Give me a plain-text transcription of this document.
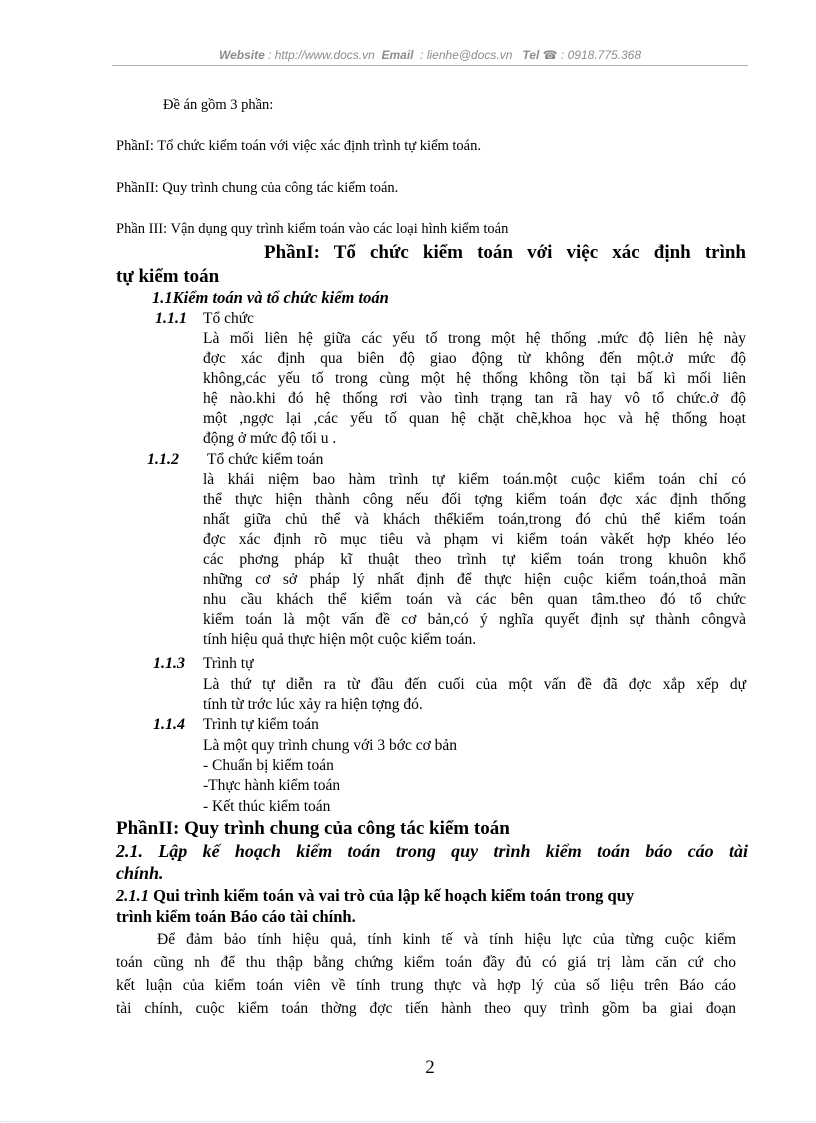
Website : http://www.docs.vn Email : lienhe@docs.vn Tel ☎ : 0918.775.368
Đề án gồm 3 phần:
PhầnI: Tổ chức kiểm toán với việc xác định trình tự kiểm toán.
PhầnII: Quy trình chung của công tác kiểm toán.
Phần III: Vận dụng quy trình kiểm toán vào các loại hình kiểm toán
PhầnI: Tổ chức kiểm toán với việc xác định trình
tự kiểm toán
1.1Kiểm toán và tổ chức kiểm toán
1.1.1 Tổ chức
Là mối liên hệ giữa các yếu tố trong một hệ thống .mức độ liên hệ này
đợc xác định qua biên độ giao động từ không đến một.ở mức độ
không,các yếu tố trong cùng một hệ thống không tồn tại bấ kì mối liên
hệ nào.khi đó hệ thống rơi vào tình trạng tan rã hay vô tổ chức.ở độ
một ,ngợc lại ,các yếu tố quan hệ chặt chẽ,khoa học và hệ thống hoạt
động ở mức độ tối u .
1.1.2 Tổ chức kiểm toán
là khái niệm bao hàm trình tự kiểm toán.một cuộc kiểm toán chỉ có
thể thực hiện thành công nếu đối tợng kiểm toán đợc xác định thống
nhất giữa chủ thể và khách thểkiểm toán,trong đó chủ thể kiểm toán
đợc xác định rõ mục tiêu và phạm vi kiểm toán vàkết hợp khéo léo
các phơng pháp kĩ thuật theo trình tự kiểm toán trong khuôn khổ
những cơ sở pháp lý nhất định để thực hiện cuộc kiểm toán,thoả mãn
nhu cầu khách thể kiểm toán và các bên quan tâm.theo đó tổ chức
kiểm toán là một vấn đề cơ bản,có ý nghĩa quyết định sự thành côngvà
tính hiệu quả thực hiện một cuộc kiểm toán.
1.1.3 Trình tự
Là thứ tự diễn ra từ đầu đến cuối của một vấn đề đã đợc xắp xếp dự
tính từ trớc lúc xảy ra hiện tợng đó.
1.1.4 Trình tự kiểm toán
Là một quy trình chung với 3 bớc cơ bản
- Chuẩn bị kiểm toán
-Thực hành kiểm toán
- Kết thúc kiểm toán
PhầnII: Quy trình chung của công tác kiểm toán
2.1. Lập kế hoạch kiểm toán trong quy trình kiểm toán báo cáo tài
chính.
2.1.1 Qui trình kiểm toán và vai trò của lập kế hoạch kiểm toán trong quy
trình kiểm toán Báo cáo tài chính.
Để đảm bảo tính hiệu quả, tính kinh tế và tính hiệu lực của từng cuộc kiểm
toán cũng nh để thu thập bằng chứng kiểm toán đầy đủ có giá trị làm căn cứ cho
kết luận của kiểm toán viên về tính trung thực và hợp lý của số liệu trên Báo cáo
tài chính, cuộc kiểm toán thờng đợc tiến hành theo quy trình gồm ba giai đoạn
2
